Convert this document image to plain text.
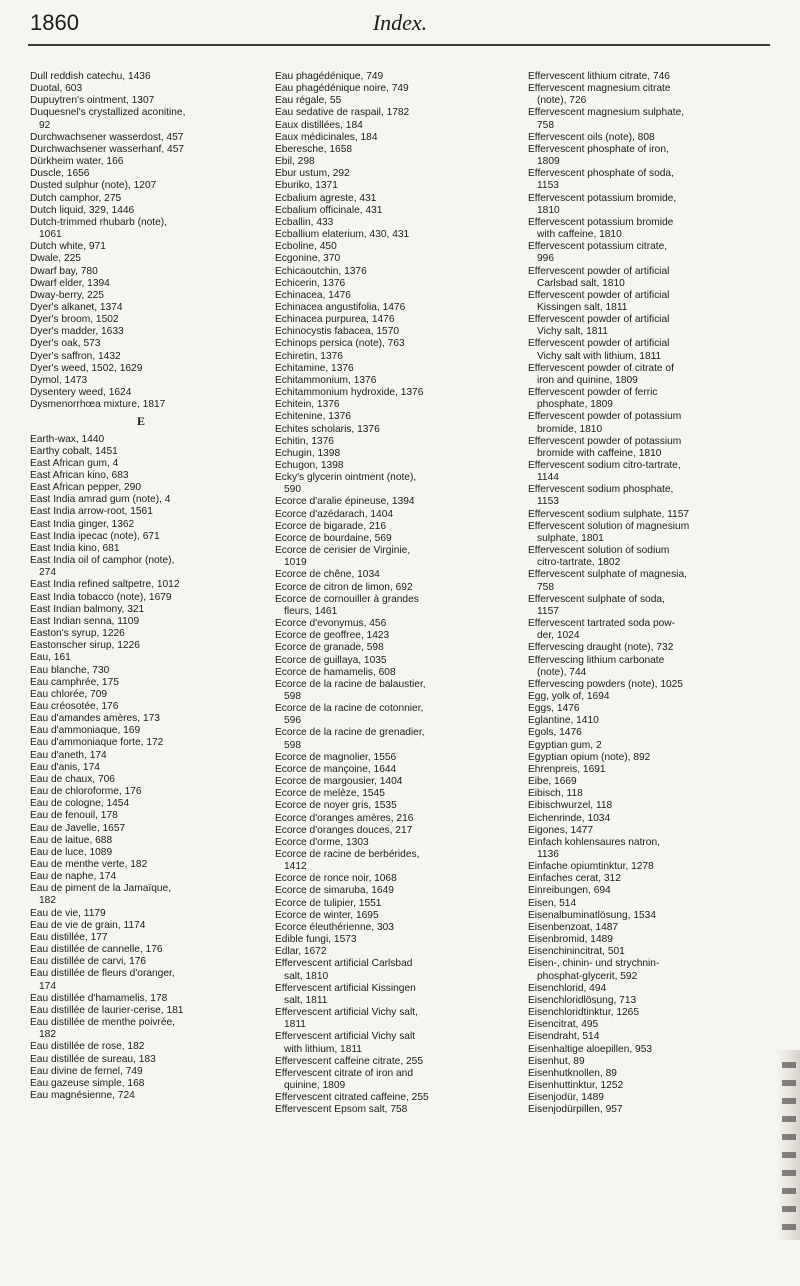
1860	Index.
Dull reddish catechu, 1436
Duotal, 603
Dupuytren's ointment, 1307
Duquesnel's crystallized aconitine,
92
Durchwachsener wasserdost, 457
Durchwachsener wasserhanf, 457
Dürkheim water, 166
Duscle, 1656
Dusted sulphur (note), 1207
Dutch camphor, 275
Dutch liquid, 329, 1446
Dutch-trimmed rhubarb (note),
1061
Dutch white, 971
Dwale, 225
Dwarf bay, 780
Dwarf elder, 1394
Dway-berry, 225
Dyer's alkanet, 1374
Dyer's broom, 1502
Dyer's madder, 1633
Dyer's oak, 573
Dyer's saffron, 1432
Dyer's weed, 1502, 1629
Dymol, 1473
Dysentery weed, 1624
Dysmenorrhœa mixture, 1817
E
Earth-wax, 1440
Earthy cobalt, 1451
East African gum, 4
East African kino, 683
East African pepper, 290
East India amrad gum (note), 4
East India arrow-root, 1561
East India ginger, 1362
East India ipecac (note), 671
East India kino, 681
East India oil of camphor (note),
274
East India refined saltpetre, 1012
East India tobacco (note), 1679
East Indian balmony, 321
East Indian senna, 1109
Easton's syrup, 1226
Eastonscher sirup, 1226
Eau, 161
Eau blanche, 730
Eau camphrée, 175
Eau chlorée, 709
Eau créosotée, 176
Eau d'amandes amères, 173
Eau d'ammoniaque, 169
Eau d'ammoniaque forte, 172
Eau d'aneth, 174
Eau d'anis, 174
Eau de chaux, 706
Eau de chloroforme, 176
Eau de cologne, 1454
Eau de fenouil, 178
Eau de Javelle, 1657
Eau de laitue, 688
Eau de luce, 1089
Eau de menthe verte, 182
Eau de naphe, 174
Eau de piment de la Jamaïque,
182
Eau de vie, 1179
Eau de vie de grain, 1174
Eau distillée, 177
Eau distillée de cannelle, 176
Eau distillée de carvi, 176
Eau distillée de fleurs d'oranger,
174
Eau distillée d'hamamelis, 178
Eau distillée de laurier-cerise, 181
Eau distillée de menthe poivrée,
182
Eau distillée de rose, 182
Eau distillée de sureau, 183
Eau divine de fernel, 749
Eau gazeuse simple, 168
Eau magnésienne, 724
Eau phagédénique, 749
Eau phagédénique noire, 749
Eau régale, 55
Eau sedative de raspail, 1782
Eaux distillées, 184
Eaux médicinales, 184
Eberesche, 1658
Ebil, 298
Ebur ustum, 292
Eburiko, 1371
Ecbalium agreste, 431
Ecbalium officinale, 431
Ecballin, 433
Ecballium elaterium, 430, 431
Ecboline, 450
Ecgonine, 370
Echicaoutchin, 1376
Echicerin, 1376
Echinacea, 1476
Echinacea angustifolia, 1476
Echinacea purpurea, 1476
Echinocystis fabacea, 1570
Echinops persica (note), 763
Echiretin, 1376
Echitamine, 1376
Echitammonium, 1376
Echitammonium hydroxide, 1376
Echitein, 1376
Echitenine, 1376
Echites scholaris, 1376
Echitin, 1376
Echugin, 1398
Echugon, 1398
Ecky's glycerin ointment (note),
590
Ecorce d'aralie épineuse, 1394
Ecorce d'azédarach, 1404
Ecorce de bigarade, 216
Ecorce de bourdaine, 569
Ecorce de cerisier de Virginie,
1019
Ecorce de chêne, 1034
Ecorce de citron de limon, 692
Ecorce de cornouiller à grandes
fleurs, 1461
Ecorce d'evonymus, 456
Ecorce de geoffree, 1423
Ecorce de granade, 598
Ecorce de guillaya, 1035
Ecorce de hamamelis, 608
Ecorce de la racine de balaustier,
598
Ecorce de la racine de cotonnier,
596
Ecorce de la racine de grenadier,
598
Ecorce de magnolier, 1556
Ecorce de mançoine, 1644
Ecorce de margousier, 1404
Ecorce de melèze, 1545
Ecorce de noyer gris, 1535
Ecorce d'oranges amères, 216
Ecorce d'oranges douces, 217
Ecorce d'orme, 1303
Ecorce de racine de berbérides,
1412
Ecorce de ronce noir, 1068
Ecorce de simaruba, 1649
Ecorce de tulipier, 1551
Ecorce de winter, 1695
Ecorce éleuthérienne, 303
Edible fungi, 1573
Edlar, 1672
Effervescent artificial Carlsbad
salt, 1810
Effervescent artificial Kissingen
salt, 1811
Effervescent artificial Vichy salt,
1811
Effervescent artificial Vichy salt
with lithium, 1811
Effervescent caffeine citrate, 255
Effervescent citrate of iron and
quinine, 1809
Effervescent citrated caffeine, 255
Effervescent Epsom salt, 758
Effervescent lithium citrate, 746
Effervescent magnesium citrate
(note), 726
Effervescent magnesium sulphate,
758
Effervescent oils (note), 808
Effervescent phosphate of iron,
1809
Effervescent phosphate of soda,
1153
Effervescent potassium bromide,
1810
Effervescent potassium bromide
with caffeine, 1810
Effervescent potassium citrate,
996
Effervescent powder of artificial
Carlsbad salt, 1810
Effervescent powder of artificial
Kissingen salt, 1811
Effervescent powder of artificial
Vichy salt, 1811
Effervescent powder of artificial
Vichy salt with lithium, 1811
Effervescent powder of citrate of
iron and quinine, 1809
Effervescent powder of ferric
phosphate, 1809
Effervescent powder of potassium
bromide, 1810
Effervescent powder of potassium
bromide with caffeine, 1810
Effervescent sodium citro-tartrate,
1144
Effervescent sodium phosphate,
1153
Effervescent sodium sulphate, 1157
Effervescent solution of magnesium
sulphate, 1801
Effervescent solution of sodium
citro-tartrate, 1802
Effervescent sulphate of magnesia,
758
Effervescent sulphate of soda,
1157
Effervescent tartrated soda pow-
der, 1024
Effervescing draught (note), 732
Effervescing lithium carbonate
(note), 744
Effervescing powders (note), 1025
Egg, yolk of, 1694
Eggs, 1476
Eglantine, 1410
Egols, 1476
Egyptian gum, 2
Egyptian opium (note), 892
Ehrenpreis, 1691
Eibe, 1669
Eibisch, 118
Eibischwurzel, 118
Eichenrinde, 1034
Eigones, 1477
Einfach kohlensaures natron,
1136
Einfache opiumtinktur, 1278
Einfaches cerat, 312
Einreibungen, 694
Eisen, 514
Eisenalbuminatlösung, 1534
Eisenbenzoat, 1487
Eisenbromid, 1489
Eisenchinincitrat, 501
Eisen-, chinin- und strychnin-
phosphat-glycerit, 592
Eisenchlorid, 494
Eisenchloridlösung, 713
Eisenchloridtinktur, 1265
Eisencitrat, 495
Eisendraht, 514
Eisenhaltige aloepillen, 953
Eisenhut, 89
Eisenhutknollen, 89
Eisenhuttinktur, 1252
Eisenjodür, 1489
Eisenjodürpillen, 957
